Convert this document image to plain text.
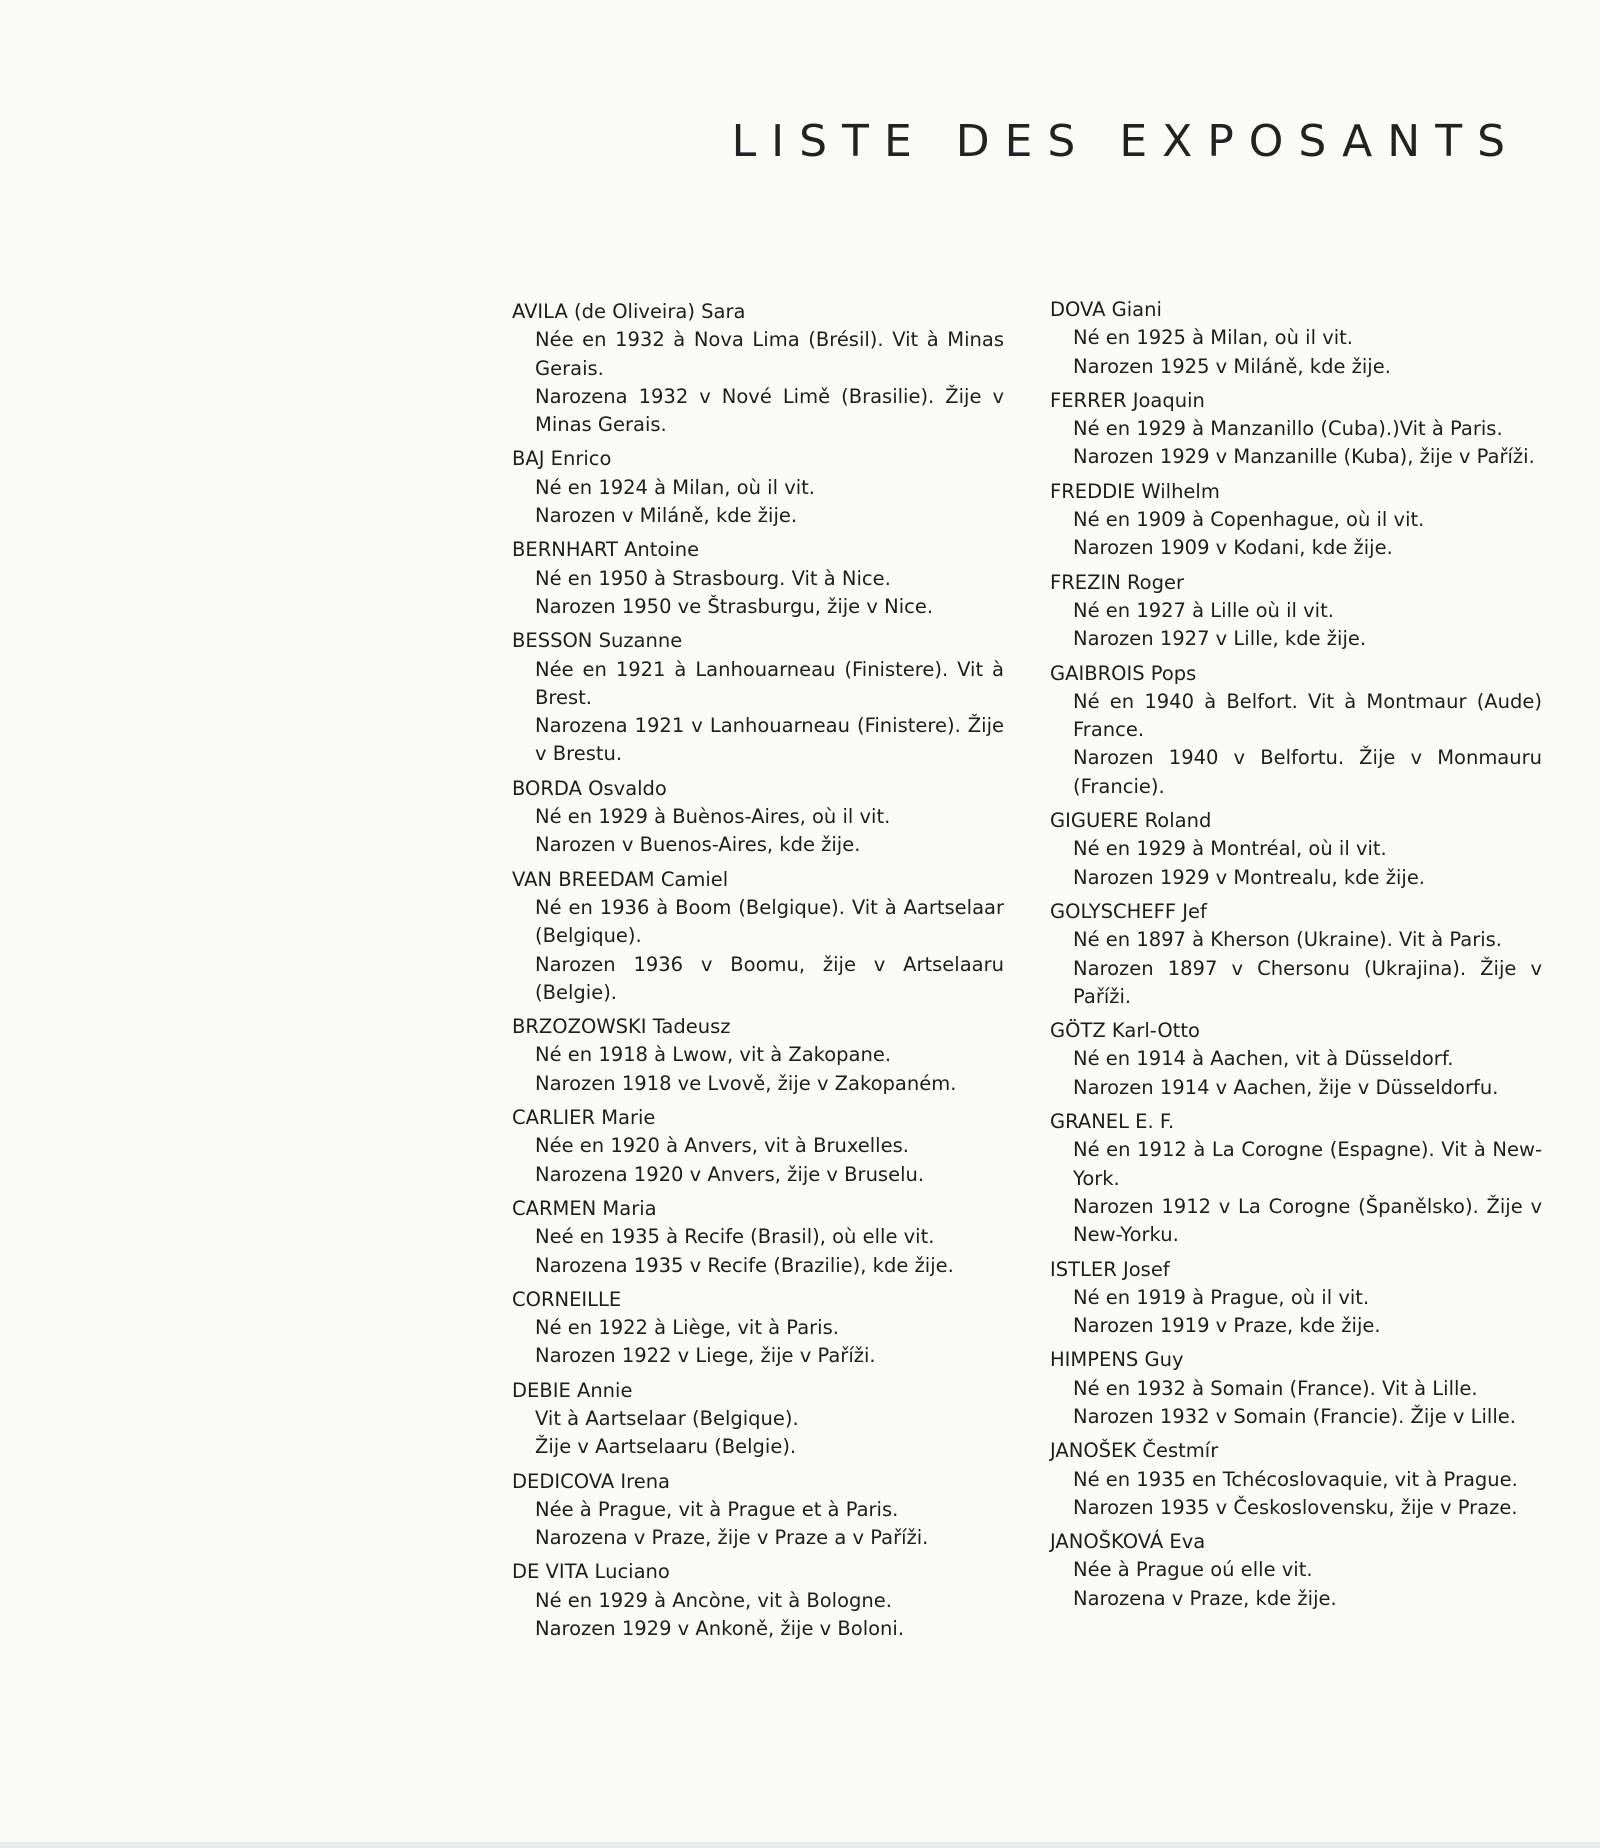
LISTE DES EXPOSANTS
AVILA (de Oliveira) Sara
Née en 1932 à Nova Lima (Brésil). Vit à Minas Gerais.
Narozena 1932 v Nové Limě (Brasilie). Žije v Minas Gerais.
BAJ Enrico
Né en 1924 à Milan, où il vit.
Narozen v Miláně, kde žije.
BERNHART Antoine
Né en 1950 à Strasbourg. Vit à Nice.
Narozen 1950 ve Štrasburgu, žije v Nice.
BESSON Suzanne
Née en 1921 à Lanhouarneau (Finistere). Vit à Brest.
Narozena 1921 v Lanhouarneau (Finistere). Žije v Brestu.
BORDA Osvaldo
Né en 1929 à Buènos-Aires, où il vit.
Narozen v Buenos-Aires, kde žije.
VAN BREEDAM Camiel
Né en 1936 à Boom (Belgique). Vit à Aartselaar (Belgique).
Narozen 1936 v Boomu, žije v Artselaaru (Belgie).
BRZOZOWSKI Tadeusz
Né en 1918 à Lwow, vit à Zakopane.
Narozen 1918 ve Lvově, žije v Zakopaném.
CARLIER Marie
Née en 1920 à Anvers, vit à Bruxelles.
Narozena 1920 v Anvers, žije v Bruselu.
CARMEN Maria
Neé en 1935 à Recife (Brasil), où elle vit.
Narozena 1935 v Recife (Brazilie), kde žije.
CORNEILLE
Né en 1922 à Liège, vit à Paris.
Narozen 1922 v Liege, žije v Paříži.
DEBIE Annie
Vit à Aartselaar (Belgique).
Žije v Aartselaaru (Belgie).
DEDICOVA Irena
Née à Prague, vit à Prague et à Paris.
Narozena v Praze, žije v Praze a v Paříži.
DE VITA Luciano
Né en 1929 à Ancòne, vit à Bologne.
Narozen 1929 v Ankoně, žije v Boloni.
DOVA Giani
Né en 1925 à Milan, où il vit.
Narozen 1925 v Miláně, kde žije.
FERRER Joaquin
Né en 1929 à Manzanillo (Cuba).)Vit à Paris.
Narozen 1929 v Manzanille (Kuba), žije v Paříži.
FREDDIE Wilhelm
Né en 1909 à Copenhague, où il vit.
Narozen 1909 v Kodani, kde žije.
FREZIN Roger
Né en 1927 à Lille où il vit.
Narozen 1927 v Lille, kde žije.
GAIBROIS Pops
Né en 1940 à Belfort. Vit à Montmaur (Aude) France.
Narozen 1940 v Belfortu. Žije v Monmauru (Francie).
GIGUERE Roland
Né en 1929 à Montréal, où il vit.
Narozen 1929 v Montrealu, kde žije.
GOLYSCHEFF Jef
Né en 1897 à Kherson (Ukraine). Vit à Paris.
Narozen 1897 v Chersonu (Ukrajina). Žije v Paříži.
GÖTZ Karl-Otto
Né en 1914 à Aachen, vit à Düsseldorf.
Narozen 1914 v Aachen, žije v Düsseldorfu.
GRANEL E. F.
Né en 1912 à La Corogne (Espagne). Vit à New-York.
Narozen 1912 v La Corogne (Španělsko). Žije v New-Yorku.
ISTLER Josef
Né en 1919 à Prague, où il vit.
Narozen 1919 v Praze, kde žije.
HIMPENS Guy
Né en 1932 à Somain (France). Vit à Lille.
Narozen 1932 v Somain (Francie). Žije v Lille.
JANOŠEK Čestmír
Né en 1935 en Tchécoslovaquie, vit à Prague.
Narozen 1935 v Československu, žije v Praze.
JANOŠKOVÁ Eva
Née à Prague oú elle vit.
Narozena v Praze, kde žije.
